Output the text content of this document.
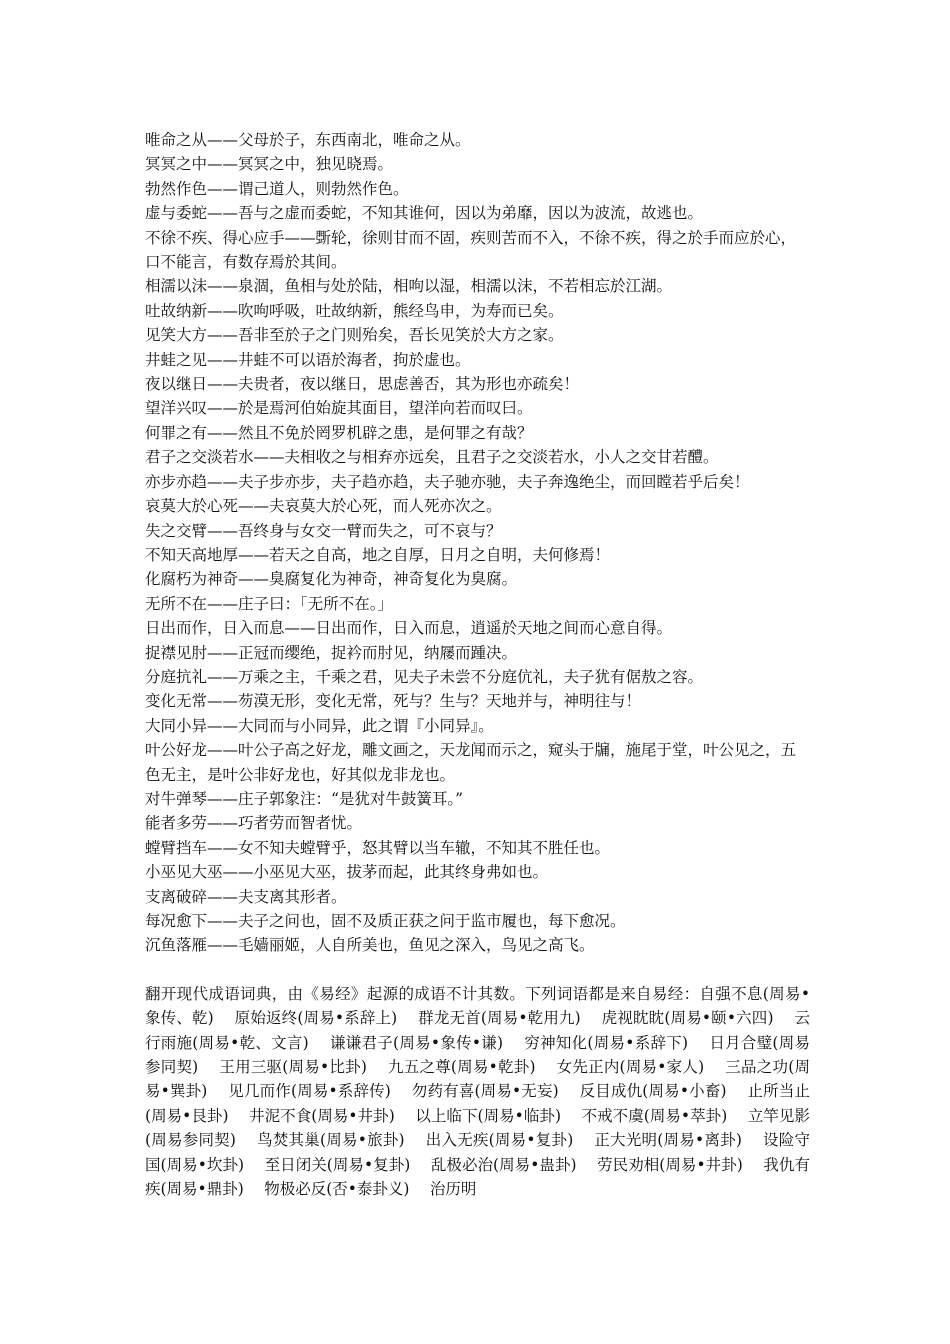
唯命之从——父母於子，东西南北，唯命之从。
冥冥之中——冥冥之中，独见晓焉。
勃然作色——谓己道人，则勃然作色。
虚与委蛇——吾与之虚而委蛇，不知其谁何，因以为弟靡，因以为波流，故逃也。
不徐不疾、得心应手——斲轮，徐则甘而不固，疾则苦而不入，不徐不疾，得之於手而应於心，口不能言，有数存焉於其间。
相濡以沫——泉涸，鱼相与处於陆，相呴以湿，相濡以沫，不若相忘於江湖。
吐故纳新——吹呴呼吸，吐故纳新，熊经鸟申，为寿而已矣。
见笑大方——吾非至於子之门则殆矣，吾长见笑於大方之家。
井蛙之见——井蛙不可以语於海者，拘於虚也。
夜以继日——夫贵者，夜以继日，思虑善否，其为形也亦疏矣！
望洋兴叹——於是焉河伯始旋其面目，望洋向若而叹曰。
何罪之有——然且不免於罔罗机辟之患，是何罪之有哉？
君子之交淡若水——夫相收之与相弃亦远矣，且君子之交淡若水，小人之交甘若醴。
亦步亦趋——夫子步亦步，夫子趋亦趋，夫子驰亦驰，夫子奔逸绝尘，而回瞠若乎后矣！
哀莫大於心死——夫哀莫大於心死，而人死亦次之。
失之交臂——吾终身与女交一臂而失之，可不哀与？
不知天高地厚——若天之自高，地之自厚，日月之自明，夫何修焉！
化腐朽为神奇——臭腐复化为神奇，神奇复化为臭腐。
无所不在——庄子曰：「无所不在。」
日出而作，日入而息——日出而作，日入而息，逍遥於天地之间而心意自得。
捉襟见肘——正冠而缨绝，捉衿而肘见，纳屦而踵决。
分庭抗礼——万乘之主，千乘之君，见夫子未尝不分庭伉礼，夫子犹有倨敖之容。
变化无常——芴漠无形，变化无常，死与？生与？天地并与，神明往与！
大同小异——大同而与小同异，此之谓『小同异』。
叶公好龙——叶公子高之好龙，雕文画之，天龙闻而示之，窥头于牖，施尾于堂，叶公见之，五色无主，是叶公非好龙也，好其似龙非龙也。
对牛弹琴——庄子郭象注：“是犹对牛鼓簧耳。”
能者多劳——巧者劳而智者忧。
螳臂挡车——女不知夫螳臂乎，怒其臂以当车辙，不知其不胜任也。
小巫见大巫——小巫见大巫，拔茅而起，此其终身弗如也。
支离破碎——夫支离其形者。
每况愈下——夫子之问也，固不及质正获之问于监市履也，每下愈况。
沉鱼落雁——毛嫱丽姬，人自所美也，鱼见之深入，鸟见之高飞。
翻开现代成语词典，由《易经》起源的成语不计其数。下列词语都是来自易经：自强不息(周易•象传、乾)　 原始返终(周易•系辞上)　 群龙无首(周易•乾用九)　 虎视眈眈(周易•颐•六四)　 云行雨施(周易•乾、文言)　 谦谦君子(周易•象传•谦)　 穷神知化(周易•系辞下)　 日月合璧(周易参同契)　 王用三驱(周易•比卦)　 九五之尊(周易•乾卦)　 女先正内(周易•家人)　 三品之功(周易•巽卦)　 见几而作(周易•系辞传)　 勿药有喜(周易•无妄)　 反目成仇(周易•小畜)　 止所当止(周易•艮卦)　 井泥不食(周易•井卦)　 以上临下(周易•临卦)　 不戒不虞(周易•萃卦)　 立竿见影(周易参同契)　 鸟焚其巢(周易•旅卦)　 出入无疾(周易•复卦)　 正大光明(周易•离卦)　 设险守国(周易•坎卦)　 至日闭关(周易•复卦)　 乱极必治(周易•蛊卦)　 劳民劝相(周易•井卦)　 我仇有疾(周易•鼎卦)　 物极必反(否•泰卦义)　 治历明
